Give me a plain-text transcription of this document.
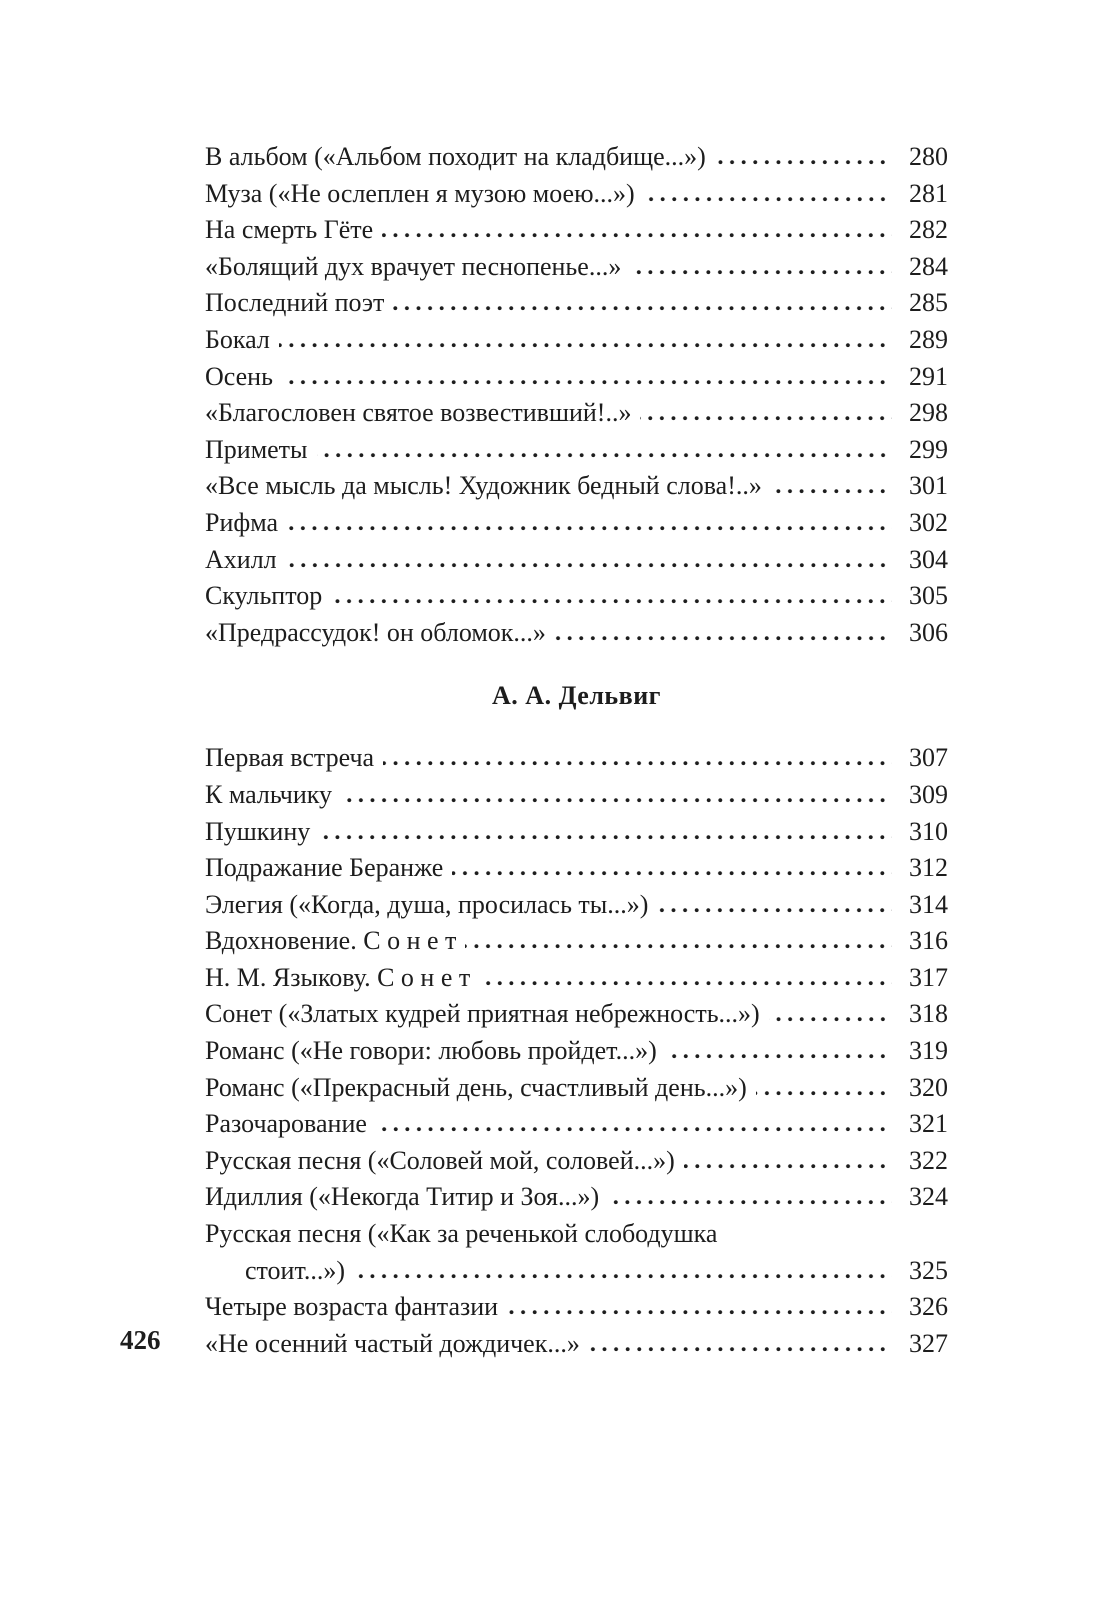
В альбом («Альбом походит на кладбище...»)	280
Муза («Не ослеплен я музою моею...»)	281
На смерть Гёте	282
«Болящий дух врачует песнопенье...»	284
Последний поэт	285
Бокал	289
Осень	291
«Благословен святое возвестивший!..»	298
Приметы	299
«Все мысль да мысль! Художник бедный слова!..»	301
Рифма	302
Ахилл	304
Скульптор	305
«Предрассудок! он обломок...»	306
А. А. Дельвиг
Первая встреча	307
К мальчику	309
Пушкину	310
Подражание Беранже	312
Элегия («Когда, душа, просилась ты...»)	314
Вдохновение. С о н е т	316
Н. М. Языкову. С о н е т	317
Сонет («Златых кудрей приятная небрежность...»)	318
Романс («Не говори: любовь пройдет...»)	319
Романс («Прекрасный день, счастливый день...»)	320
Разочарование	321
Русская песня («Соловей мой, соловей...»)	322
Идиллия («Некогда Титир и Зоя...»)	324
Русская песня («Как за реченькой слободушка
стоит...»)	325
Четыре возраста фантазии	326
«Не осенний частый дождичек...»	327
426
